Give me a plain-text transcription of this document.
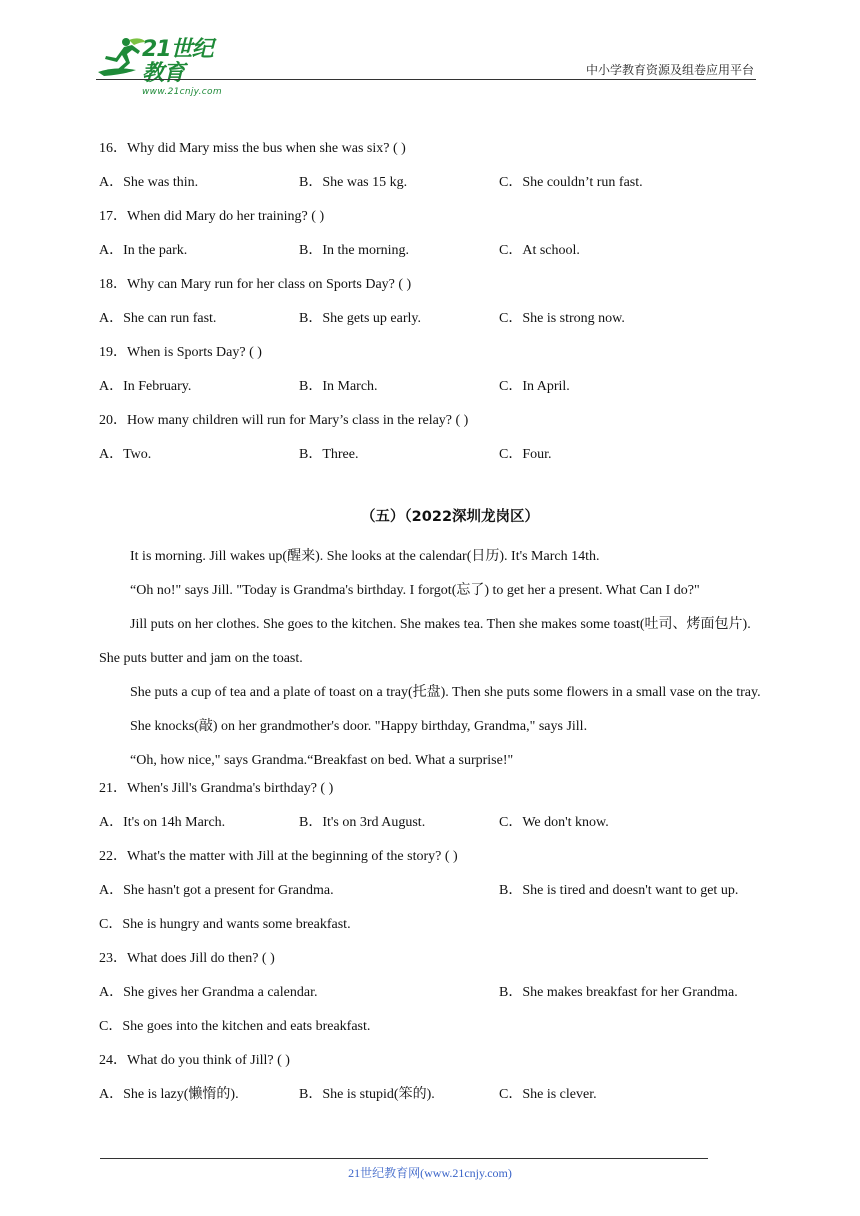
21世纪教育
www.21cnjy.com
中小学教育资源及组卷应用平台
16．Why did Mary miss the bus when she was six? ( )
A．She was thin.	B．She was 15 kg.	C．She couldn’t run fast.
17．When did Mary do her training? ( )
A．In the park.	B．In the morning.	C．At school.
18．Why can Mary run for her class on Sports Day? ( )
A．She can run fast.	B．She gets up early.	C．She is strong now.
19．When is Sports Day? ( )
A．In February.	B．In March.	C．In April.
20．How many children will run for Mary’s class in the relay? ( )
A．Two.	B．Three.	C．Four.
（五）（2022深圳龙岗区）

It is morning. Jill wakes up(醒来). She looks at the calendar(日历). It's March 14th.

“Oh no!" says Jill. "Today is Grandma's birthday. I forgot(忘了) to get her a present. What Can I do?"

Jill puts on her clothes. She goes to the kitchen. She makes tea. Then she makes some toast(吐司、烤面包片). She puts butter and jam on the toast.

She puts a cup of tea and a plate of toast on a tray(托盘). Then she puts some flowers in a small vase on the tray.

She knocks(敲) on her grandmother's door. "Happy birthday, Grandma," says Jill.

“Oh, how nice," says Grandma.“Breakfast on bed. What a surprise!"

21．When's Jill's Grandma's birthday? ( )
A．It's on 14h March.	B．It's on 3rd August.	C．We don't know.
22．What's the matter with Jill at the beginning of the story? ( )
A．She hasn't got a present for Grandma.	B．She is tired and doesn't want to get up.
C．She is hungry and wants some breakfast.
23．What does Jill do then? ( )
A．She gives her Grandma a calendar.	B．She makes breakfast for her Grandma.
C．She goes into the kitchen and eats breakfast.
24．What do you think of Jill? ( )
A．She is lazy(懒惰的).	B．She is stupid(笨的).	C．She is clever.
21世纪教育网(www.21cnjy.com)
